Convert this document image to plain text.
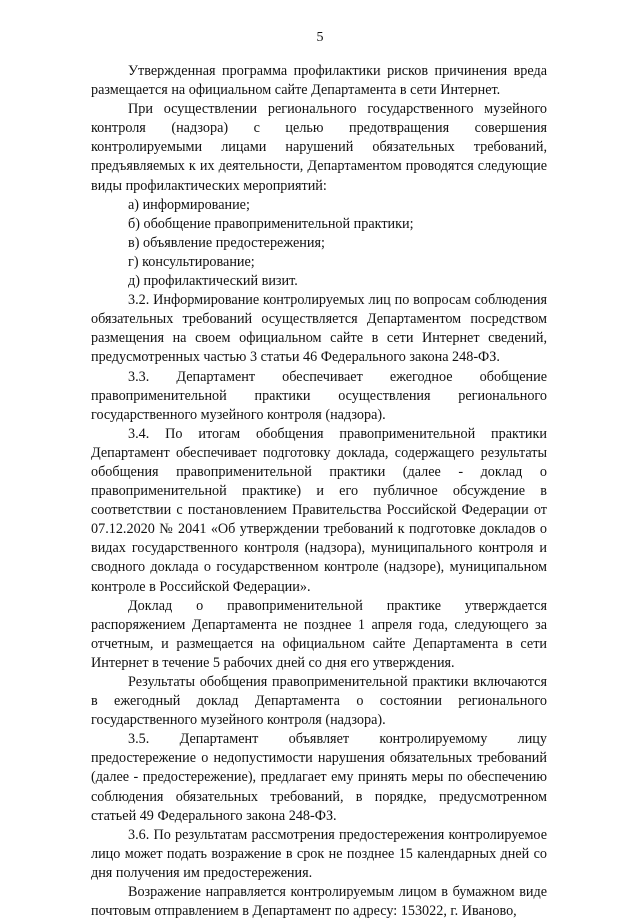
5

Утвержденная программа профилактики рисков причинения вреда размещается на официальном сайте Департамента в сети Интернет.

При осуществлении регионального государственного музейного контроля (надзора) с целью предотвращения совершения контролируемыми лицами нарушений обязательных требований, предъявляемых к их деятельности, Департаментом проводятся следующие виды профилактических мероприятий:

а) информирование;

б) обобщение правоприменительной практики;

в) объявление предостережения;

г) консультирование;

д) профилактический визит.

3.2. Информирование контролируемых лиц по вопросам соблюдения обязательных требований осуществляется Департаментом посредством размещения на своем официальном сайте в сети Интернет сведений, предусмотренных частью 3 статьи 46 Федерального закона 248-ФЗ.

3.3. Департамент обеспечивает ежегодное обобщение правоприменительной практики осуществления регионального государственного музейного контроля (надзора).

3.4. По итогам обобщения правоприменительной практики Департамент обеспечивает подготовку доклада, содержащего результаты обобщения правоприменительной практики (далее - доклад о правоприменительной практике) и его публичное обсуждение в соответствии с постановлением Правительства Российской Федерации от 07.12.2020 № 2041 «Об утверждении требований к подготовке докладов о видах государственного контроля (надзора), муниципального контроля и сводного доклада о государственном контроле (надзоре), муниципальном контроле в Российской Федерации».

Доклад о правоприменительной практике утверждается распоряжением Департамента не позднее 1 апреля года, следующего за отчетным, и размещается на официальном сайте Департамента в сети Интернет в течение 5 рабочих дней со дня его утверждения.

Результаты обобщения правоприменительной практики включаются в ежегодный доклад Департамента о состоянии регионального государственного музейного контроля (надзора).

3.5. Департамент объявляет контролируемому лицу предостережение о недопустимости нарушения обязательных требований (далее - предостережение), предлагает ему принять меры по обеспечению соблюдения обязательных требований, в порядке, предусмотренном статьей 49 Федерального закона 248-ФЗ.

3.6. По результатам рассмотрения предостережения контролируемое лицо может подать возражение в срок не позднее 15 календарных дней со дня получения им предостережения.

Возражение направляется контролируемым лицом в бумажном виде почтовым отправлением в Департамент по адресу: 153022, г. Иваново,
